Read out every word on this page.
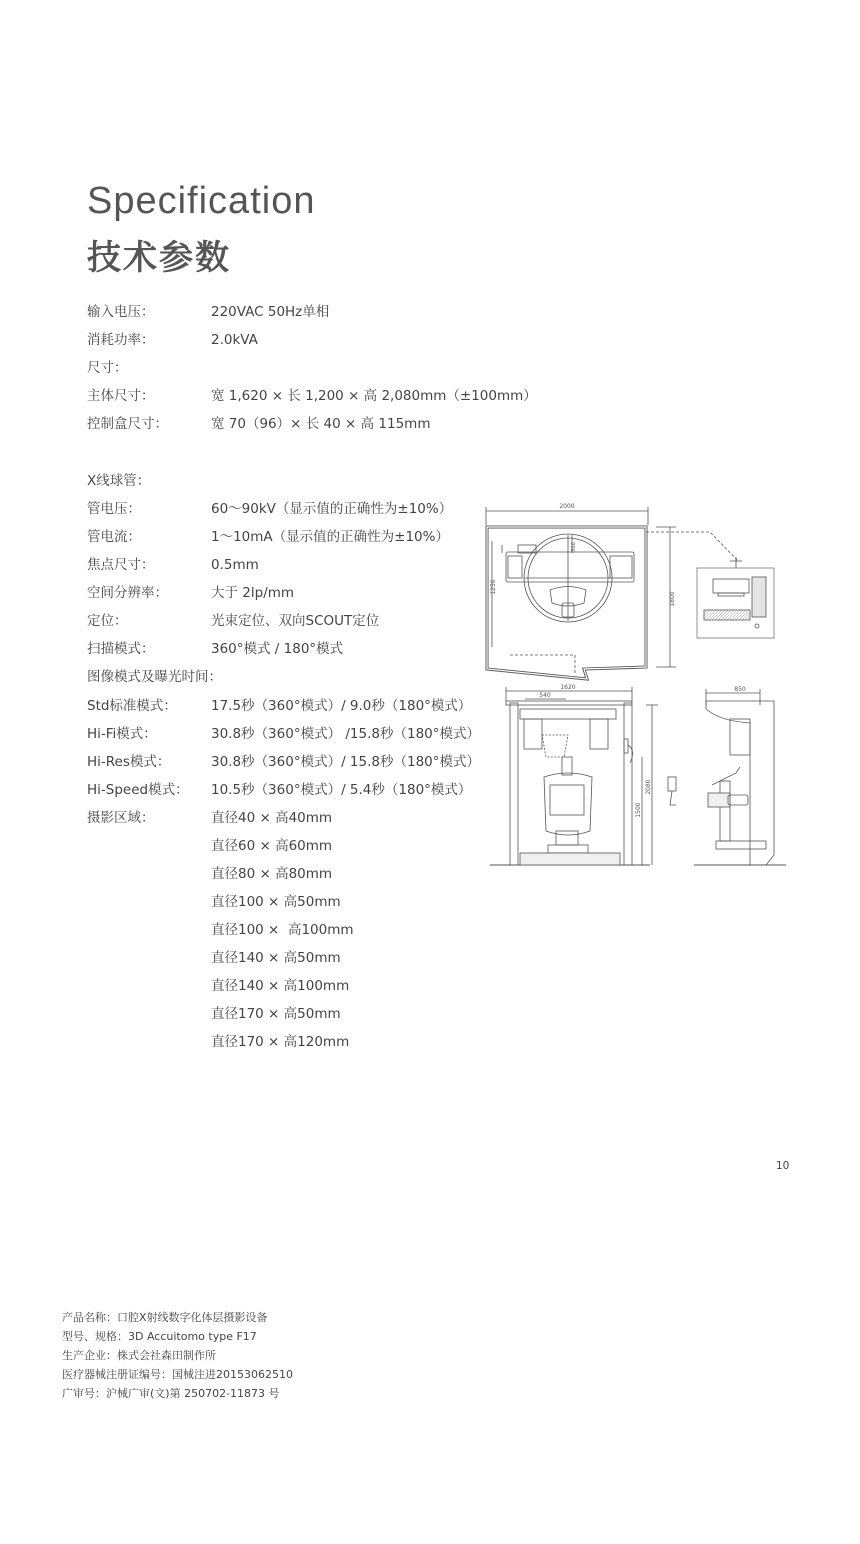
Specification
技术参数
输入电压：	220VAC 50Hz单相
消耗功率：	2.0kVA
尺寸：
主体尺寸：	宽 1,620 × 长 1,200 × 高 2,080mm（±100mm）
控制盒尺寸：	宽 70（96）× 长 40 × 高 115mm
X线球管：
管电压：	60～90kV（显示值的正确性为±10%）
管电流：	1～10mA（显示值的正确性为±10%）
焦点尺寸：	0.5mm
空间分辨率：	大于 2lp/mm
定位：	光束定位、双向SCOUT定位
扫描模式：	360°模式 / 180°模式
图像模式及曝光时间：
Std标准模式：	17.5秒（360°模式）/ 9.0秒（180°模式）
Hi-Fi模式：	30.8秒（360°模式） /15.8秒（180°模式）
Hi-Res模式：	30.8秒（360°模式）/ 15.8秒（180°模式）
Hi-Speed模式： 10.5秒（360°模式）/ 5.4秒（180°模式）
摄影区域：	直径40 × 高40mm
直径60 × 高60mm
直径80 × 高80mm
直径100 × 高50mm
直径100 ×  高100mm
直径140 × 高50mm
直径140 × 高100mm
直径170 × 高50mm
直径170 × 高120mm
2000
1250
1800
300
1620
540
2080
1500
850
10
产品名称：口腔X射线数字化体层摄影设备
型号、规格：3D Accuitomo type F17
生产企业：株式会社森田制作所
医疗器械注册证编号：国械注进20153062510
广审号：沪械广审(文)第 250702-11873 号
